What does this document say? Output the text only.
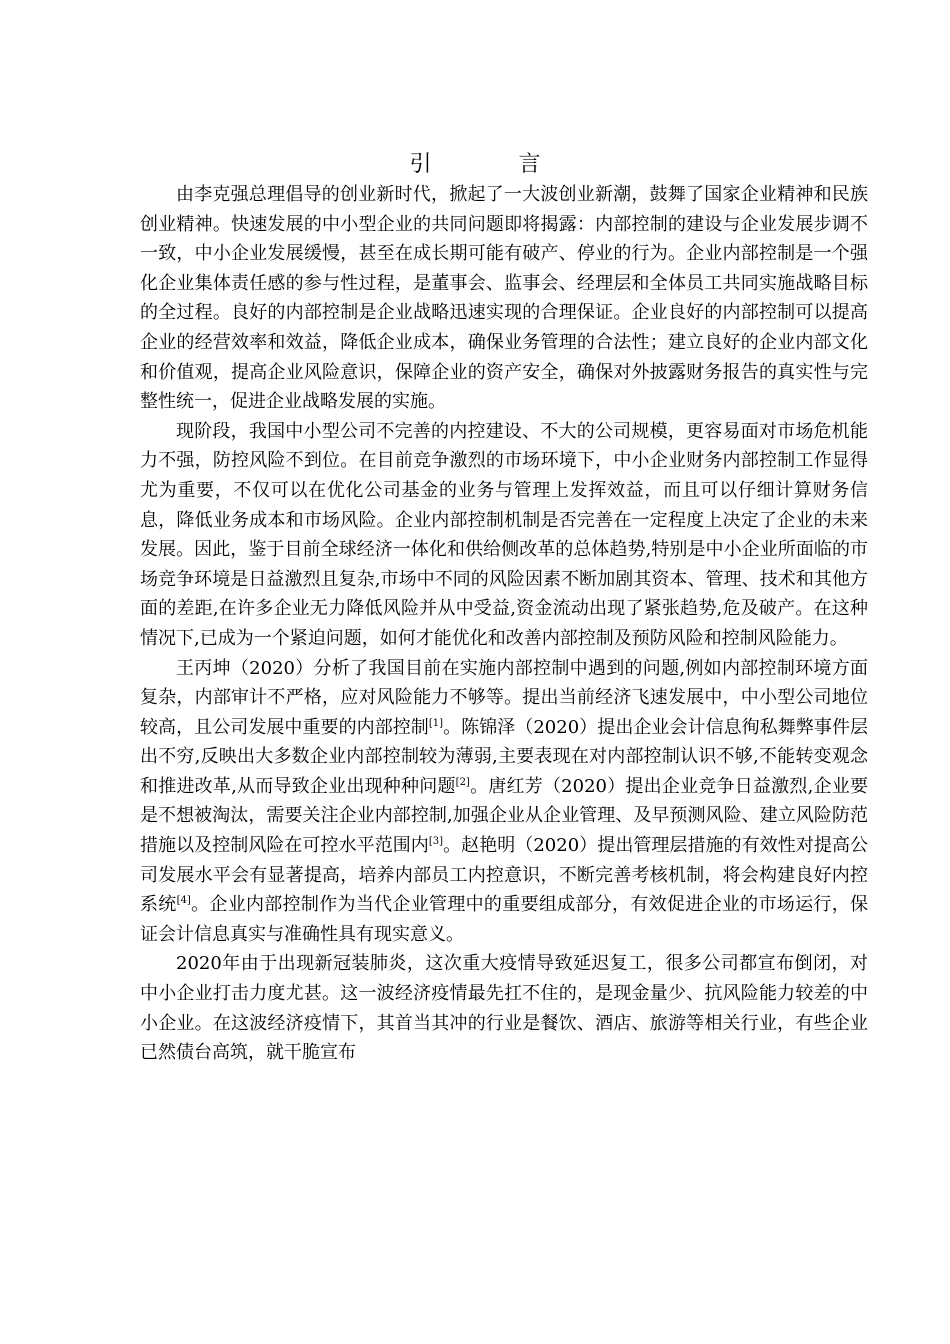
引 言

由李克强总理倡导的创业新时代，掀起了一大波创业新潮，鼓舞了国家企业精神和民族创业精神。快速发展的中小型企业的共同问题即将揭露：内部控制的建设与企业发展步调不一致，中小企业发展缓慢，甚至在成长期可能有破产、停业的行为。企业内部控制是一个强化企业集体责任感的参与性过程，是董事会、监事会、经理层和全体员工共同实施战略目标的全过程。良好的内部控制是企业战略迅速实现的合理保证。企业良好的内部控制可以提高企业的经营效率和效益，降低企业成本，确保业务管理的合法性；建立良好的企业内部文化和价值观，提高企业风险意识，保障企业的资产安全，确保对外披露财务报告的真实性与完整性统一，促进企业战略发展的实施。

现阶段，我国中小型公司不完善的内控建设、不大的公司规模，更容易面对市场危机能力不强，防控风险不到位。在目前竞争激烈的市场环境下，中小企业财务内部控制工作显得尤为重要，不仅可以在优化公司基金的业务与管理上发挥效益，而且可以仔细计算财务信息，降低业务成本和市场风险。企业内部控制机制是否完善在一定程度上决定了企业的未来发展。因此，鉴于目前全球经济一体化和供给侧改革的总体趋势,特别是中小企业所面临的市场竞争环境是日益激烈且复杂,市场中不同的风险因素不断加剧其资本、管理、技术和其他方面的差距,在许多企业无力降低风险并从中受益,资金流动出现了紧张趋势,危及破产。在这种情况下,已成为一个紧迫问题，如何才能优化和改善内部控制及预防风险和控制风险能力。

王丙坤（2020）分析了我国目前在实施内部控制中遇到的问题,例如内部控制环境方面复杂，内部审计不严格，应对风险能力不够等。提出当前经济飞速发展中，中小型公司地位较高，且公司发展中重要的内部控制[1]。陈锦泽（2020）提出企业会计信息徇私舞弊事件层出不穷,反映出大多数企业内部控制较为薄弱,主要表现在对内部控制认识不够,不能转变观念和推进改革,从而导致企业出现种种问题[2]。唐红芳（2020）提出企业竞争日益激烈,企业要是不想被淘汰，需要关注企业内部控制,加强企业从企业管理、及早预测风险、建立风险防范措施以及控制风险在可控水平范围内[3]。赵艳明（2020）提出管理层措施的有效性对提高公司发展水平会有显著提高，培养内部员工内控意识，不断完善考核机制，将会构建良好内控系统[4]。企业内部控制作为当代企业管理中的重要组成部分，有效促进企业的市场运行，保证会计信息真实与准确性具有现实意义。

2020年由于出现新冠装肺炎，这次重大疫情导致延迟复工，很多公司都宣布倒闭，对中小企业打击力度尤甚。这一波经济疫情最先扛不住的，是现金量少、抗风险能力较差的中小企业。在这波经济疫情下，其首当其冲的行业是餐饮、酒店、旅游等相关行业，有些企业已然债台高筑，就干脆宣布
